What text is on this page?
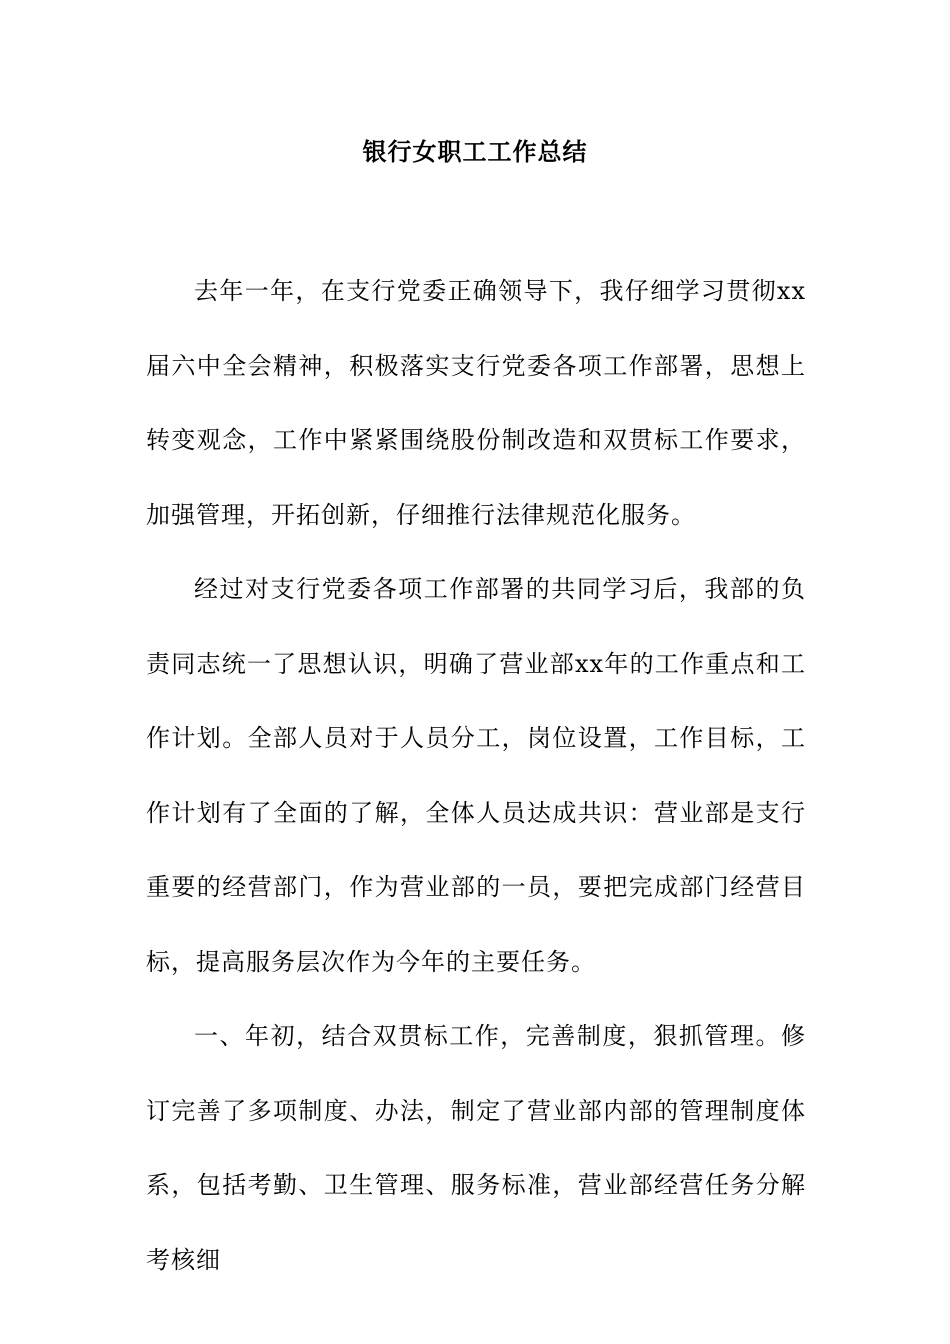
银行女职工工作总结

去年一年，在支行党委正确领导下，我仔细学习贯彻xx届六中全会精神，积极落实支行党委各项工作部署，思想上转变观念，工作中紧紧围绕股份制改造和双贯标工作要求，加强管理，开拓创新，仔细推行法律规范化服务。

经过对支行党委各项工作部署的共同学习后，我部的负责同志统一了思想认识，明确了营业部xx年的工作重点和工作计划。全部人员对于人员分工，岗位设置，工作目标，工作计划有了全面的了解，全体人员达成共识：营业部是支行重要的经营部门，作为营业部的一员，要把完成部门经营目标，提高服务层次作为今年的主要任务。

一、年初，结合双贯标工作，完善制度，狠抓管理。修订完善了多项制度、办法，制定了营业部内部的管理制度体系，包括考勤、卫生管理、服务标准，营业部经营任务分解考核细
